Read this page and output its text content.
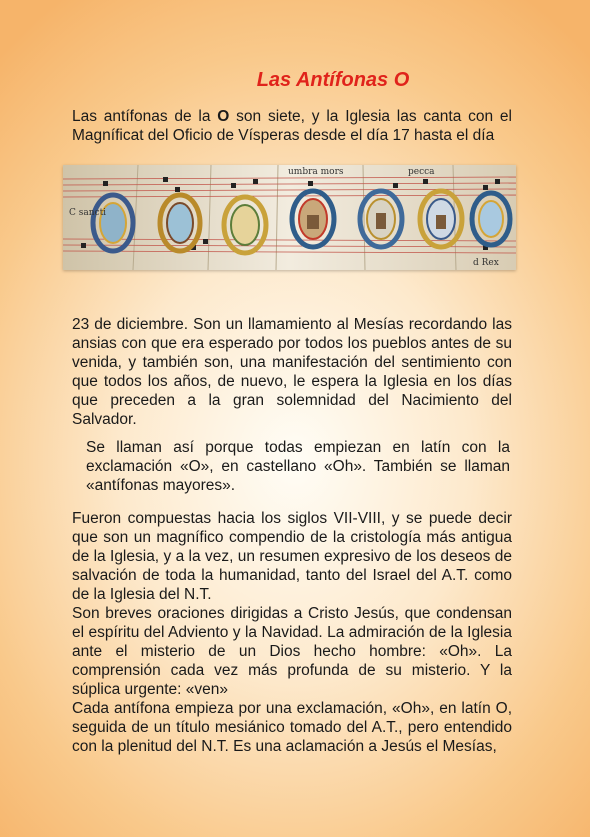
Las Antífonas O
Las antífonas de la O son siete, y la Iglesia las canta con el Magníficat del Oficio de Vísperas desde el día 17 hasta el día
C sancti
umbra mors	pecca
d Rex
23 de diciembre. Son un llamamiento al Mesías recordando las ansias con que era esperado por todos los pueblos antes de su venida, y también son, una manifestación del sentimiento con que todos los años, de nuevo, le espera la Iglesia en los días que preceden a la gran solemnidad del Nacimiento del Salvador.
Se llaman así porque todas empiezan en latín con la exclamación «O», en castellano «Oh». También se llaman «antífonas mayores».
Fueron compuestas hacia los siglos VII-VIII, y se puede decir que son un magnífico compendio de la cristología más antigua de la Iglesia, y a la vez, un resumen expresivo de los deseos de salvación de toda la humanidad, tanto del Israel del A.T. como de la Iglesia del N.T.
Son breves oraciones dirigidas a Cristo Jesús, que condensan el espíritu del Adviento y la Navidad. La admiración de la Iglesia ante el misterio de un Dios hecho hombre: «Oh». La comprensión cada vez más profunda de su misterio. Y la súplica urgente: «ven»
Cada antífona empieza por una exclamación, «Oh», en latín O, seguida de un título mesiánico tomado del A.T., pero entendido con la plenitud del N.T. Es una aclamación a Jesús el Mesías,
